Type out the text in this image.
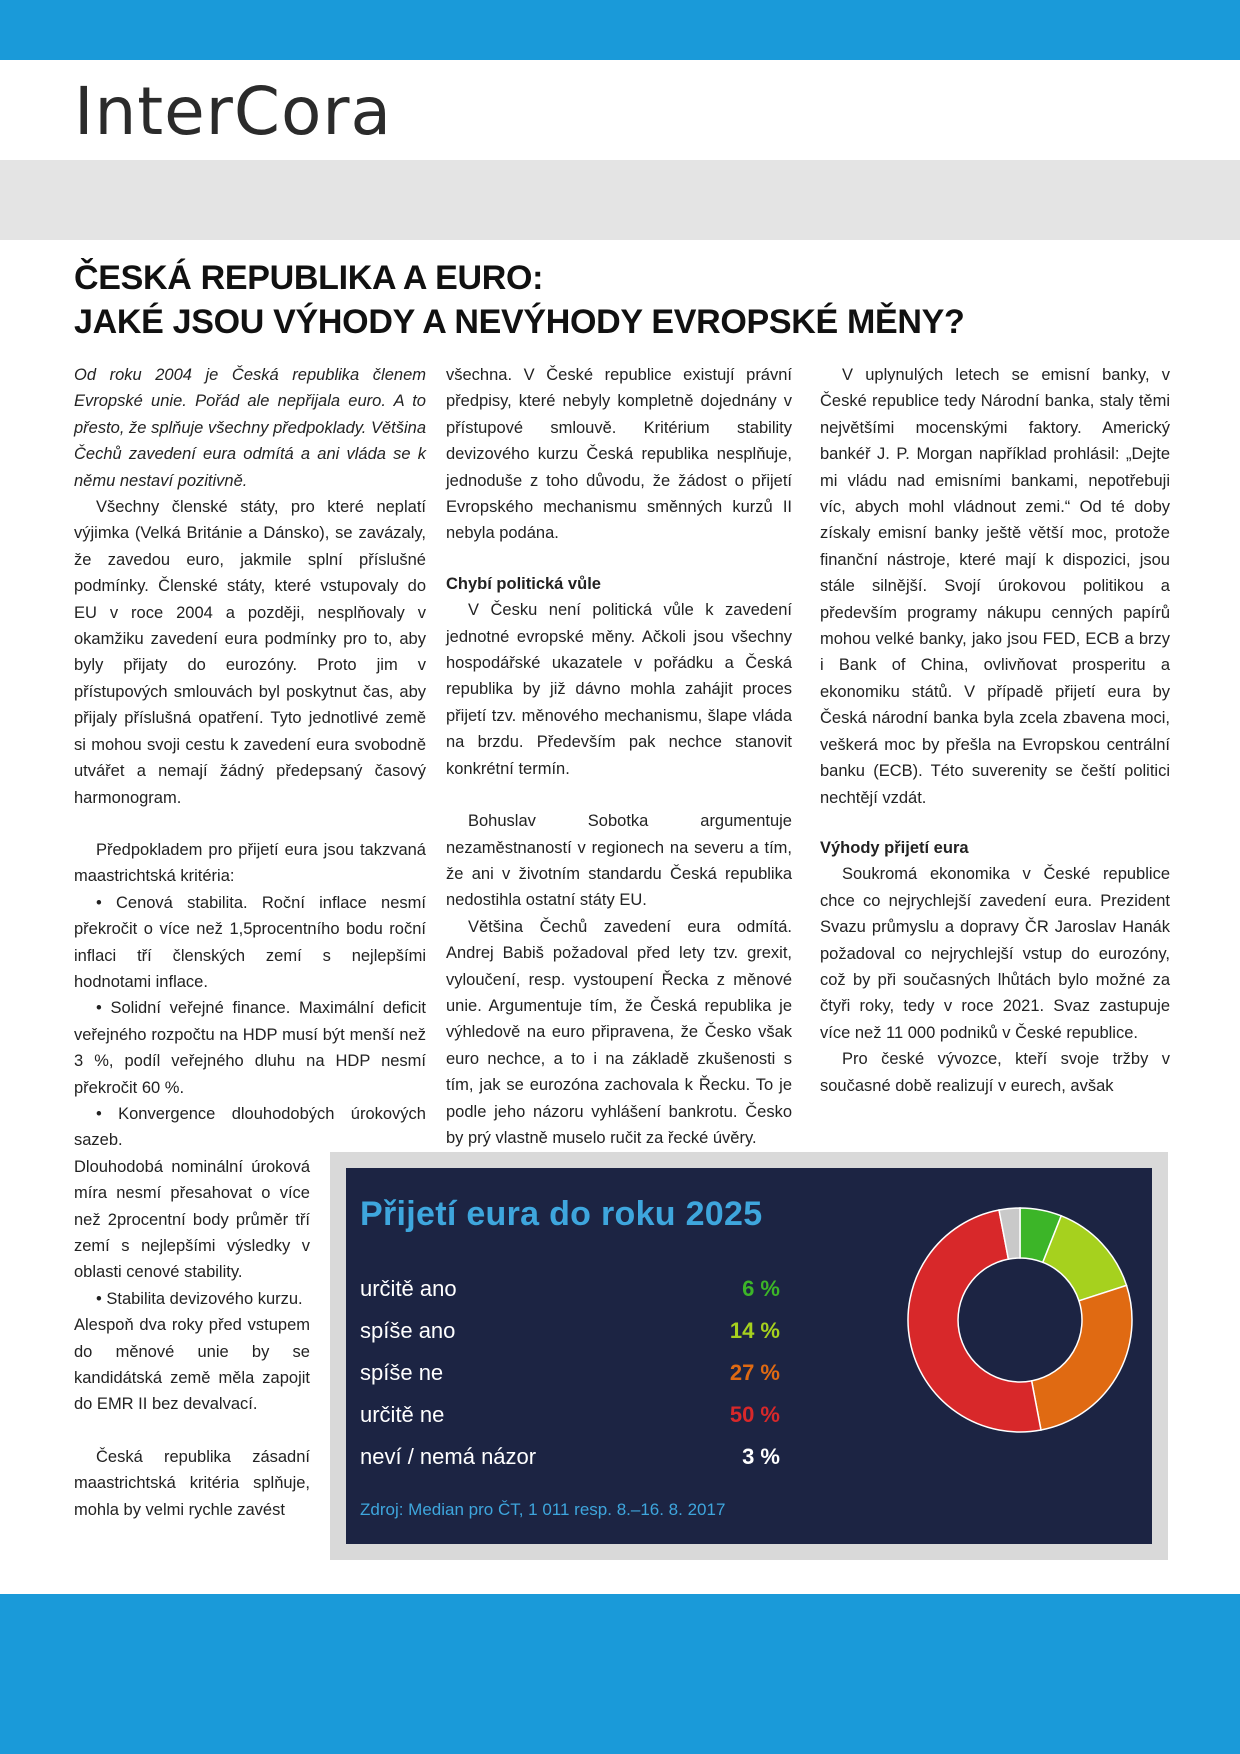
InterCora
ČESKÁ REPUBLIKA A EURO:
JAKÉ JSOU VÝHODY A NEVÝHODY EVROPSKÉ MĚNY?

Od roku 2004 je Česká republika členem Evropské unie. Pořád ale nepřijala euro. A to přesto, že splňuje všechny předpoklady. Většina Čechů zavedení eura odmítá a ani vláda se k němu nestaví pozitivně.

Všechny členské státy, pro které neplatí výjimka (Velká Británie a Dánsko), se zavázaly, že zavedou euro, jakmile splní příslušné podmínky. Členské státy, které vstupovaly do EU v roce 2004 a později, nesplňovaly v okamžiku zavedení eura podmínky pro to, aby byly přijaty do eurozóny. Proto jim v přístupových smlouvách byl poskytnut čas, aby přijaly příslušná opatření. Tyto jednotlivé země si mohou svoji cestu k zavedení eura svobodně utvářet a nemají žádný předepsaný časový harmonogram.

Předpokladem pro přijetí eura jsou takzvaná maastrichtská kritéria:

• Cenová stabilita. Roční inflace nesmí překročit o více než 1,5procentního bodu roční inflaci tří členských zemí s nejlepšími hodnotami inflace.

• Solidní veřejné finance. Maximální deficit veřejného rozpočtu na HDP musí být menší než 3 %, podíl veřejného dluhu na HDP nesmí překročit 60 %.

• Konvergence dlouhodobých úrokových sazeb.

Dlouhodobá nominální úroková míra nesmí přesahovat o více než 2procentní body průměr tří zemí s nejlepšími výsledky v oblasti cenové stability.

• Stabilita devizového kurzu.

Alespoň dva roky před vstupem do měnové unie by se kandidátská země měla zapojit do EMR II bez devalvací.

Česká republika zásadní maastrichtská kritéria splňuje, mohla by velmi rychle zavést

všechna. V České republice existují právní předpisy, které nebyly kompletně dojednány v přístupové smlouvě. Kritérium stability devizového kurzu Česká republika nesplňuje, jednoduše z toho důvodu, že žádost o přijetí Evropského mechanismu směnných kurzů II nebyla podána.

Chybí politická vůle

V Česku není politická vůle k zavedení jednotné evropské měny. Ačkoli jsou všechny hospodářské ukazatele v pořádku a Česká republika by již dávno mohla zahájit proces přijetí tzv. měnového mechanismu, šlape vláda na brzdu. Především pak nechce stanovit konkrétní termín.

Bohuslav Sobotka argumentuje nezaměstnaností v regionech na severu a tím, že ani v životním standardu Česká republika nedostihla ostatní státy EU.

Většina Čechů zavedení eura odmítá. Andrej Babiš požadoval před lety tzv. grexit, vyloučení, resp. vystoupení Řecka z měnové unie. Argumentuje tím, že Česká republika je výhledově na euro připravena, že Česko však euro nechce, a to i na základě zkušenosti s tím, jak se eurozóna zachovala k Řecku. To je podle jeho názoru vyhlášení bankrotu. Česko by prý vlastně muselo ručit za řecké úvěry.

V uplynulých letech se emisní banky, v České republice tedy Národní banka, staly těmi největšími mocenskými faktory. Americký bankéř J. P. Morgan například prohlásil: „Dejte mi vládu nad emisními bankami, nepotřebuji víc, abych mohl vládnout zemi.“ Od té doby získaly emisní banky ještě větší moc, protože finanční nástroje, které mají k dispozici, jsou stále silnější. Svojí úrokovou politikou a především programy nákupu cenných papírů mohou velké banky, jako jsou FED, ECB a brzy i Bank of China, ovlivňovat prosperitu a ekonomiku států. V případě přijetí eura by Česká národní banka byla zcela zbavena moci, veškerá moc by přešla na Evropskou centrální banku (ECB). Této suverenity se čeští politici nechtějí vzdát.

Výhody přijetí eura

Soukromá ekonomika v České republice chce co nejrychlejší zavedení eura. Prezident Svazu průmyslu a dopravy ČR Jaroslav Hanák požadoval co nejrychlejší vstup do eurozóny, což by při současných lhůtách bylo možné za čtyři roky, tedy v roce 2021. Svaz zastupuje více než 11 000 podniků v České republice.

Pro české vývozce, kteří svoje tržby v současné době realizují v eurech, avšak

Přijetí eura do roku 2025
určitě ano	6 %
spíše ano	14 %
spíše ne	27 %
určitě ne	50 %
neví / nemá názor	3 %
Zdroj: Median pro ČT, 1 011 resp. 8.–16. 8. 2017
